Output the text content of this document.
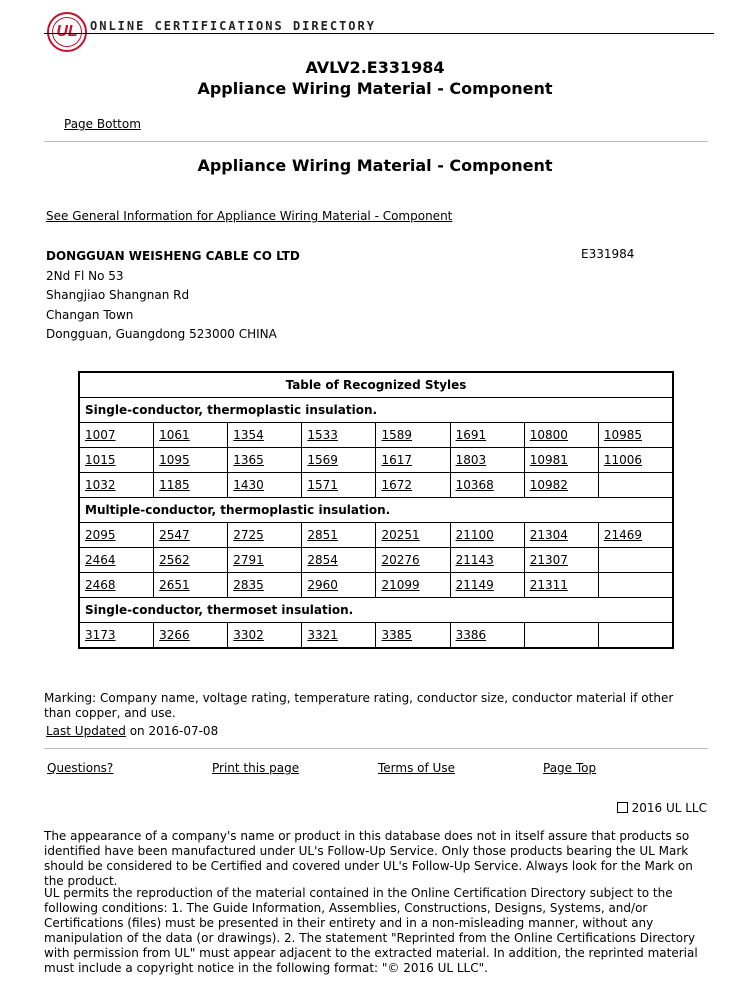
UL ONLINE CERTIFICATIONS DIRECTORY
AVLV2.E331984
Appliance Wiring Material - Component
Page Bottom
Appliance Wiring Material - Component
See General Information for Appliance Wiring Material - Component
DONGGUAN WEISHENG CABLE CO LTD
2Nd Fl No 53
Shangjiao Shangnan Rd
Changan Town
Dongguan, Guangdong 523000 CHINA
E331984
Table of Recognized Styles							
Single-conductor, thermoplastic insulation.							
1007	1061	1354	1533	1589	1691	10800	10985
1015	1095	1365	1569	1617	1803	10981	11006
1032	1185	1430	1571	1672	10368	10982	
Multiple-conductor, thermoplastic insulation.							
2095	2547	2725	2851	20251	21100	21304	21469
2464	2562	2791	2854	20276	21143	21307	
2468	2651	2835	2960	21099	21149	21311	
Single-conductor, thermoset insulation.							
3173	3266	3302	3321	3385	3386		
Marking: Company name, voltage rating, temperature rating, conductor size, conductor material if other than copper, and use.
Last Updated on 2016-07-08
Questions?	Print this page	Terms of Use	Page Top
2016 UL LLC
The appearance of a company's name or product in this database does not in itself assure that products so identified have been manufactured under UL's Follow-Up Service. Only those products bearing the UL Mark should be considered to be Certified and covered under UL's Follow-Up Service. Always look for the Mark on the product.
UL permits the reproduction of the material contained in the Online Certification Directory subject to the following conditions: 1. The Guide Information, Assemblies, Constructions, Designs, Systems, and/or Certifications (files) must be presented in their entirety and in a non-misleading manner, without any manipulation of the data (or drawings). 2. The statement "Reprinted from the Online Certifications Directory with permission from UL" must appear adjacent to the extracted material. In addition, the reprinted material must include a copyright notice in the following format: "© 2016 UL LLC".
